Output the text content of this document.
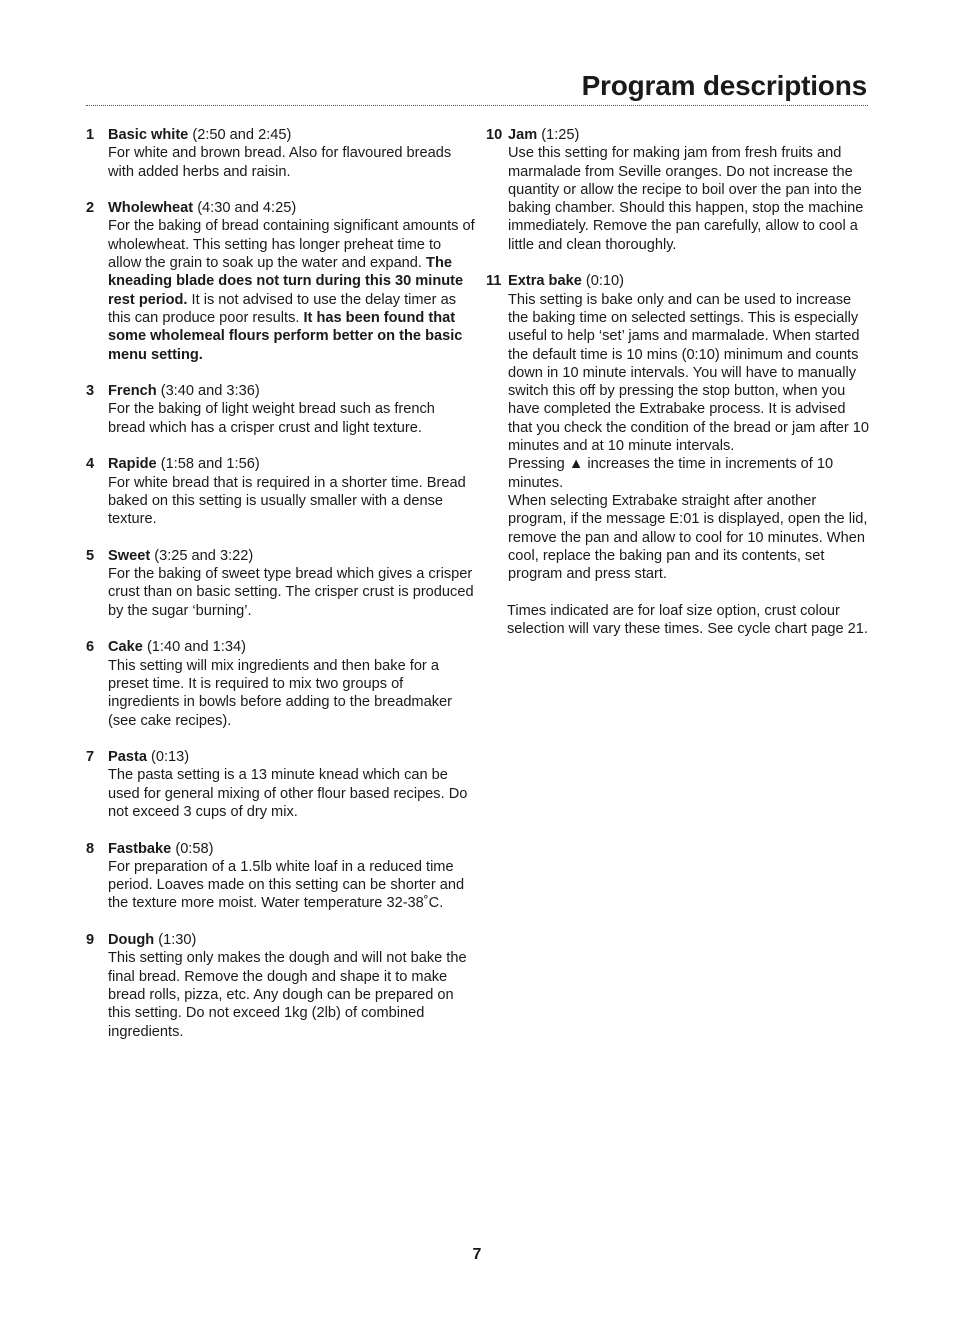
Program descriptions
1 Basic white (2:50 and 2:45)
For white and brown bread. Also for flavoured breads with added herbs and raisin.
2 Wholewheat (4:30 and 4:25)
For the baking of bread containing significant amounts of wholewheat. This setting has longer preheat time to allow the grain to soak up the water and expand. The kneading blade does not turn during this 30 minute rest period. It is not advised to use the delay timer as this can produce poor results. It has been found that some wholemeal flours perform better on the basic menu setting.
3 French (3:40 and 3:36)
For the baking of light weight bread such as french bread which has a crisper crust and light texture.
4 Rapide (1:58 and 1:56)
For white bread that is required in a shorter time. Bread baked on this setting is usually smaller with a dense texture.
5 Sweet (3:25 and 3:22)
For the baking of sweet type bread which gives a crisper crust than on basic setting. The crisper crust is produced by the sugar ‘burning’.
6 Cake (1:40 and 1:34)
This setting will mix ingredients and then bake for a preset time. It is required to mix two groups of ingredients in bowls before adding to the breadmaker (see cake recipes).
7 Pasta (0:13)
The pasta setting is a 13 minute knead which can be used for general mixing of other flour based recipes. Do not exceed 3 cups of dry mix.
8 Fastbake (0:58)
For preparation of a 1.5lb white loaf in a reduced time period. Loaves made on this setting can be shorter and the texture more moist. Water temperature 32-38˚C.
9 Dough (1:30)
This setting only makes the dough and will not bake the final bread. Remove the dough and shape it to make bread rolls, pizza, etc. Any dough can be prepared on this setting. Do not exceed 1kg (2lb) of combined ingredients.
10 Jam (1:25)
Use this setting for making jam from fresh fruits and marmalade from Seville oranges. Do not increase the quantity or allow the recipe to boil over the pan into the baking chamber. Should this happen, stop the machine immediately. Remove the pan carefully, allow to cool a little and clean thoroughly.
11 Extra bake (0:10)

This setting is bake only and can be used to increase the baking time on selected settings. This is especially useful to help ‘set’ jams and marmalade. When started the default time is 10 mins (0:10) minimum and counts down in 10 minute intervals. You will have to manually switch this off by pressing the stop button, when you have completed the Extrabake process. It is advised that you check the condition of the bread or jam after 10 minutes and at 10 minute intervals.

Pressing ▲ increases the time in increments of 10 minutes.

When selecting Extrabake straight after another program, if the message E:01 is displayed, open the lid, remove the pan and allow to cool for 10 minutes. When cool, replace the baking pan and its contents, set program and press start.

Times indicated are for loaf size option, crust colour selection will vary these times. See cycle chart page 21.

7
